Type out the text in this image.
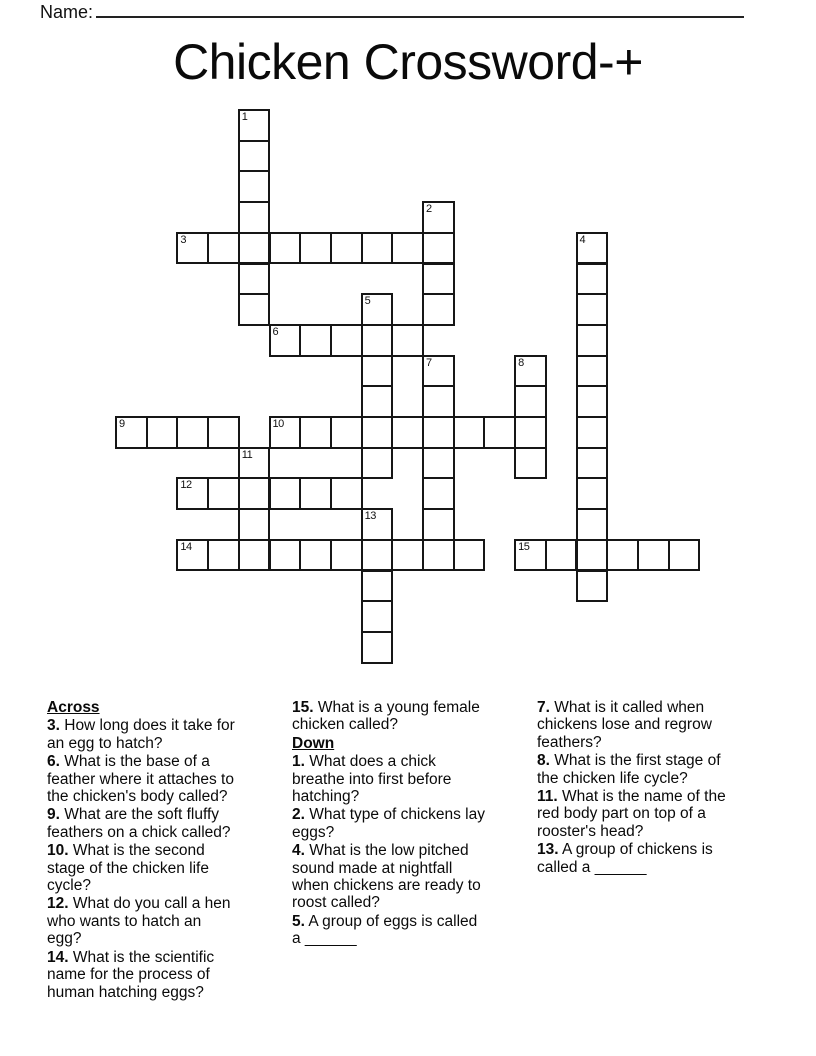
Name:
Chicken Crossword-+
1
2
3	4
5
6
7	8
9	10
11
12
13
14	15
Across

3. How long does it take for an egg to hatch?

6. What is the base of a feather where it attaches to the chicken's body called?

9. What are the soft fluffy feathers on a chick called?

10. What is the second stage of the chicken life cycle?

12. What do you call a hen who wants to hatch an egg?

14. What is the scientific name for the process of human hatching eggs?

15. What is a young female chicken called?

Down

1. What does a chick breathe into first before hatching?

2. What type of chickens lay eggs?

4. What is the low pitched sound made at nightfall when chickens are ready to roost called?

5. A group of eggs is called a ______

7. What is it called when chickens lose and regrow feathers?

8. What is the first stage of the chicken life cycle?

11. What is the name of the red body part on top of a rooster's head?

13. A group of chickens is called a ______
